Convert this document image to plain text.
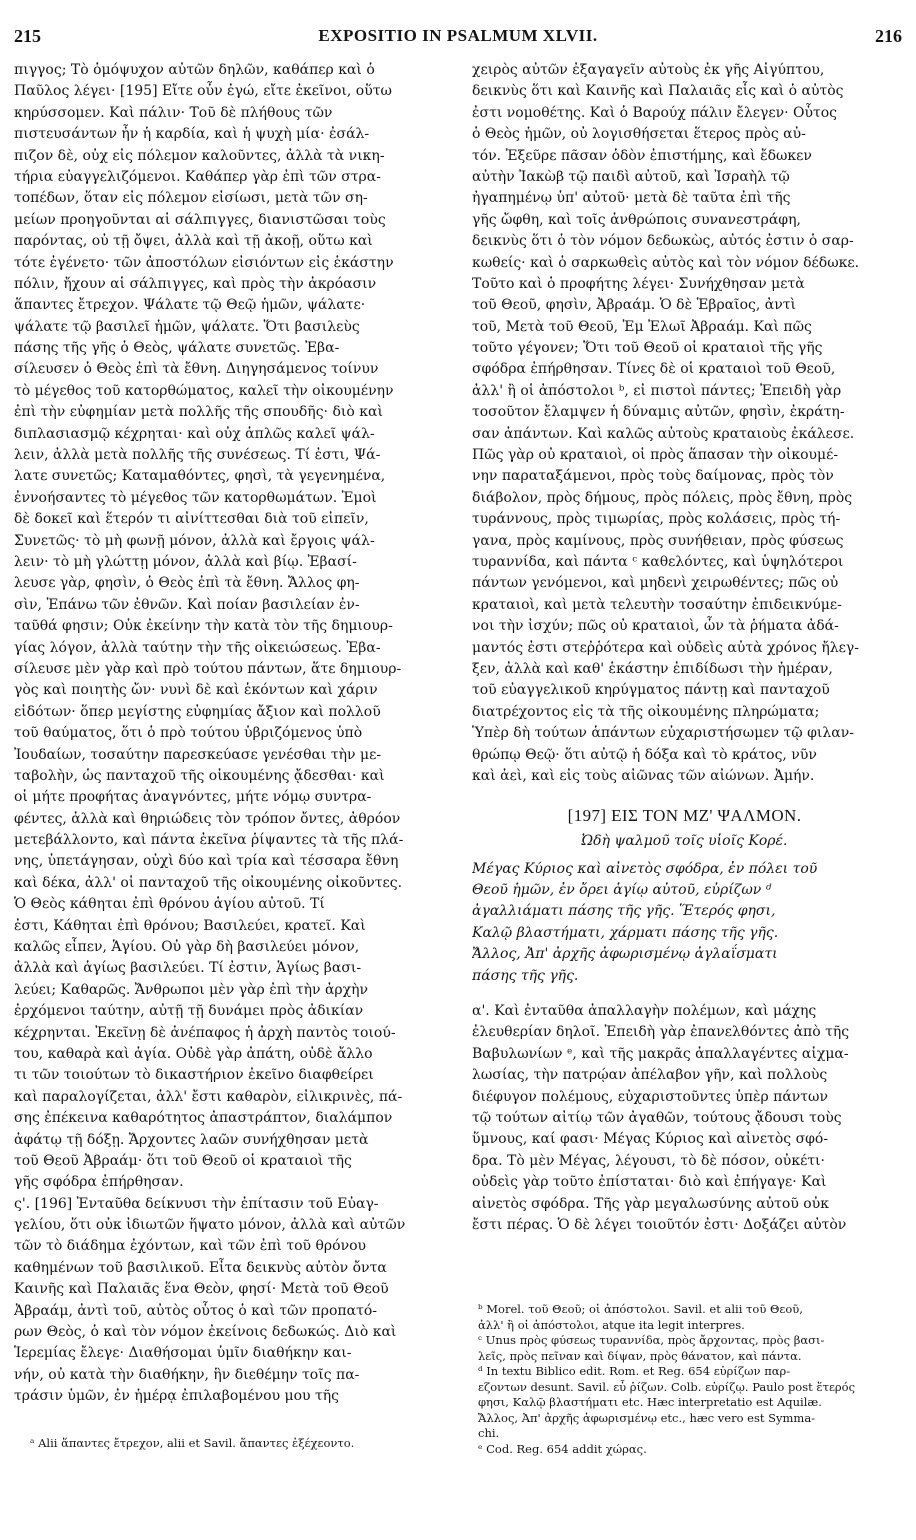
215	EXPOSITIO IN PSALMUM XLVII.	216
πιγγος; Τὸ ὁμόψυχον αὐτῶν δηλῶν, καθάπερ καὶ ὁ
Παῦλος λέγει· [195] Εἴτε οὖν ἐγώ, εἴτε ἐκεῖνοι, οὕτω
κηρύσσομεν. Καὶ πάλιν· Τοῦ δὲ πλήθους τῶν
πιστευσάντων ἦν ἡ καρδία, καὶ ἡ ψυχὴ μία· ἐσάλ-
πιζον δὲ, οὐχ εἰς πόλεμον καλοῦντες, ἀλλὰ τὰ νικη-
τήρια εὐαγγελιζόμενοι. Καθάπερ γὰρ ἐπὶ τῶν στρα-
τοπέδων, ὅταν εἰς πόλεμον εἰσίωσι, μετὰ τῶν ση-
μείων προηγοῦνται αἱ σάλπιγγες, διανιστῶσαι τοὺς
παρόντας, οὐ τῇ ὄψει, ἀλλὰ καὶ τῇ ἀκοῇ, οὕτω καὶ
τότε ἐγένετο· τῶν ἀποστόλων εἰσιόντων εἰς ἑκάστην
πόλιν, ἤχουν αἱ σάλπιγγες, καὶ πρὸς τὴν ἀκρόασιν
ἅπαντες ἔτρεχον. Ψάλατε τῷ Θεῷ ἡμῶν, ψάλατε·
ψάλατε τῷ βασιλεῖ ἡμῶν, ψάλατε. Ὅτι βασιλεὺς
πάσης τῆς γῆς ὁ Θεὸς, ψάλατε συνετῶς. Ἐβα-
σίλευσεν ὁ Θεὸς ἐπὶ τὰ ἔθνη. Διηγησάμενος τοίνυν
τὸ μέγεθος τοῦ κατορθώματος, καλεῖ τὴν οἰκουμένην
ἐπὶ τὴν εὐφημίαν μετὰ πολλῆς τῆς σπουδῆς· διὸ καὶ
διπλασιασμῷ κέχρηται· καὶ οὐχ ἁπλῶς καλεῖ ψάλ-
λειν, ἀλλὰ μετὰ πολλῆς τῆς συνέσεως. Τί ἐστι, Ψά-
λατε συνετῶς; Καταμαθόντες, φησὶ, τὰ γεγενημένα,
ἐννοήσαντες τὸ μέγεθος τῶν κατορθωμάτων. Ἐμοὶ
δὲ δοκεῖ καὶ ἕτερόν τι αἰνίττεσθαι διὰ τοῦ εἰπεῖν,
Συνετῶς· τὸ μὴ φωνῇ μόνον, ἀλλὰ καὶ ἔργοις ψάλ-
λειν· τὸ μὴ γλώττῃ μόνον, ἀλλὰ καὶ βίῳ. Ἐβασί-
λευσε γὰρ, φησὶν, ὁ Θεὸς ἐπὶ τὰ ἔθνη. Ἄλλος φη-
σὶν, Ἐπάνω τῶν ἐθνῶν. Καὶ ποίαν βασιλείαν ἐν-
ταῦθά φησιν; Οὐκ ἐκείνην τὴν κατὰ τὸν τῆς δημιουρ-
γίας λόγον, ἀλλὰ ταύτην τὴν τῆς οἰκειώσεως. Ἐβα-
σίλευσε μὲν γὰρ καὶ πρὸ τούτου πάντων, ἅτε δημιουρ-
γὸς καὶ ποιητὴς ὤν· νυνὶ δὲ καὶ ἑκόντων καὶ χάριν
εἰδότων· ὅπερ μεγίστης εὐφημίας ἄξιον καὶ πολλοῦ
τοῦ θαύματος, ὅτι ὁ πρὸ τούτου ὑβριζόμενος ὑπὸ
Ἰουδαίων, τοσαύτην παρεσκεύασε γενέσθαι τὴν με-
ταβολὴν, ὡς πανταχοῦ τῆς οἰκουμένης ᾄδεσθαι· καὶ
οἱ μήτε προφήτας ἀναγνόντες, μήτε νόμῳ συντρα-
φέντες, ἀλλὰ καὶ θηριώδεις τὸν τρόπον ὄντες, ἀθρόον
μετεβάλλοντο, καὶ πάντα ἐκεῖνα ῥίψαντες τὰ τῆς πλά-
νης, ὑπετάγησαν, οὐχὶ δύο καὶ τρία καὶ τέσσαρα ἔθνη
καὶ δέκα, ἀλλ' οἱ πανταχοῦ τῆς οἰκουμένης οἰκοῦντες.
Ὁ Θεὸς κάθηται ἐπὶ θρόνου ἁγίου αὐτοῦ. Τί
ἐστι, Κάθηται ἐπὶ θρόνου; Βασιλεύει, κρατεῖ. Καὶ
καλῶς εἶπεν, Ἁγίου. Οὐ γὰρ δὴ βασιλεύει μόνον,
ἀλλὰ καὶ ἁγίως βασιλεύει. Τί ἐστιν, Ἁγίως βασι-
λεύει; Καθαρῶς. Ἄνθρωποι μὲν γὰρ ἐπὶ τὴν ἀρχὴν
ἐρχόμενοι ταύτην, αὐτῇ τῇ δυνάμει πρὸς ἀδικίαν
κέχρηνται. Ἐκεῖνῃ δὲ ἀνέπαφος ἡ ἀρχὴ παντὸς τοιού-
του, καθαρὰ καὶ ἁγία. Οὐδὲ γὰρ ἀπάτη, οὐδὲ ἄλλο
τι τῶν τοιούτων τὸ δικαστήριον ἐκεῖνο διαφθείρει
καὶ παραλογίζεται, ἀλλ' ἔστι καθαρὸν, εἰλικρινὲς, πά-
σης ἐπέκεινα καθαρότητος ἀπαστράπτον, διαλάμπον
ἀφάτῳ τῇ δόξῃ. Ἄρχοντες λαῶν συνήχθησαν μετὰ
τοῦ Θεοῦ Ἀβραάμ· ὅτι τοῦ Θεοῦ οἱ κραταιοὶ τῆς
γῆς σφόδρα ἐπήρθησαν.
ς'. [196] Ἐνταῦθα δείκνυσι τὴν ἐπίτασιν τοῦ Εὐαγ-
γελίου, ὅτι οὐκ ἰδιωτῶν ἥψατο μόνον, ἀλλὰ καὶ αὐτῶν
τῶν τὸ διάδημα ἐχόντων, καὶ τῶν ἐπὶ τοῦ θρόνου
καθημένων τοῦ βασιλικοῦ. Εἶτα δεικνὺς αὐτὸν ὄντα
Καινῆς καὶ Παλαιᾶς ἕνα Θεὸν, φησί· Μετὰ τοῦ Θεοῦ
Ἀβραάμ, ἀντὶ τοῦ, αὐτὸς οὗτος ὁ καὶ τῶν προπατό-
ρων Θεὸς, ὁ καὶ τὸν νόμον ἐκείνοις δεδωκώς. Διὸ καὶ
Ἱερεμίας ἔλεγε· Διαθήσομαι ὑμῖν διαθήκην και-
νήν, οὐ κατὰ τὴν διαθήκην, ἣν διεθέμην τοῖς πα-
τράσιν ὑμῶν, ἐν ἡμέρᾳ ἐπιλαβομένου μου τῆς
χειρὸς αὐτῶν ἐξαγαγεῖν αὐτοὺς ἐκ γῆς Αἰγύπτου,
δεικνὺς ὅτι καὶ Καινῆς καὶ Παλαιᾶς εἷς καὶ ὁ αὐτὸς
ἐστι νομοθέτης. Καὶ ὁ Βαρούχ πάλιν ἔλεγεν· Οὗτος
ὁ Θεὸς ἡμῶν, οὐ λογισθήσεται ἕτερος πρὸς αὐ-
τόν. Ἐξεῦρε πᾶσαν ὁδὸν ἐπιστήμης, καὶ ἔδωκεν
αὐτὴν Ἰακὼβ τῷ παιδὶ αὐτοῦ, καὶ Ἰσραὴλ τῷ
ἠγαπημένῳ ὑπ' αὐτοῦ· μετὰ δὲ ταῦτα ἐπὶ τῆς
γῆς ὤφθη, καὶ τοῖς ἀνθρώποις συνανεστράφη,
δεικνὺς ὅτι ὁ τὸν νόμον δεδωκὼς, αὐτός ἐστιν ὁ σαρ-
κωθείς· καὶ ὁ σαρκωθεὶς αὐτὸς καὶ τὸν νόμον δέδωκε.
Τοῦτο καὶ ὁ προφήτης λέγει· Συνήχθησαν μετὰ
τοῦ Θεοῦ, φησὶν, Ἀβραάμ. Ὁ δὲ Ἑβραῖος, ἀντὶ
τοῦ, Μετὰ τοῦ Θεοῦ, Ἐμ Ἐλωῖ Ἀβραάμ. Καὶ πῶς
τοῦτο γέγονεν; Ὅτι τοῦ Θεοῦ οἱ κραταιοὶ τῆς γῆς
σφόδρα ἐπήρθησαν. Τίνες δὲ οἱ κραταιοὶ τοῦ Θεοῦ,
ἀλλ' ἢ οἱ ἀπόστολοι ᵇ, εἰ πιστοὶ πάντες; Ἐπειδὴ γὰρ
τοσοῦτον ἔλαμψεν ἡ δύναμις αὐτῶν, φησὶν, ἐκράτη-
σαν ἁπάντων. Καὶ καλῶς αὐτοὺς κραταιοὺς ἐκάλεσε.
Πῶς γὰρ οὐ κραταιοὶ, οἱ πρὸς ἅπασαν τὴν οἰκουμέ-
νην παραταξάμενοι, πρὸς τοὺς δαίμονας, πρὸς τὸν
διάβολον, πρὸς δήμους, πρὸς πόλεις, πρὸς ἔθνη, πρὸς
τυράννους, πρὸς τιμωρίας, πρὸς κολάσεις, πρὸς τή-
γανα, πρὸς καμίνους, πρὸς συνήθειαν, πρὸς φύσεως
τυραννίδα, καὶ πάντα ᶜ καθελόντες, καὶ ὑψηλότεροι
πάντων γενόμενοι, καὶ μηδενὶ χειρωθέντες; πῶς οὐ
κραταιοὶ, καὶ μετὰ τελευτὴν τοσαύτην ἐπιδεικνύμε-
νοι τὴν ἰσχύν; πῶς οὐ κραταιοὶ, ὧν τὰ ῥήματα ἀδά-
μαντός ἐστι στεῤῥότερα καὶ οὐδεὶς αὐτὰ χρόνος ἤλεγ-
ξεν, ἀλλὰ καὶ καθ' ἑκάστην ἐπιδίδωσι τὴν ἡμέραν,
τοῦ εὐαγγελικοῦ κηρύγματος πάντῃ καὶ πανταχοῦ
διατρέχοντος εἰς τὰ τῆς οἰκουμένης πληρώματα;
Ὑπὲρ δὴ τούτων ἁπάντων εὐχαριστήσωμεν τῷ φιλαν-
θρώπῳ Θεῷ· ὅτι αὐτῷ ἡ δόξα καὶ τὸ κράτος, νῦν
καὶ ἀεὶ, καὶ εἰς τοὺς αἰῶνας τῶν αἰώνων. Ἀμήν.
[197] ΕΙΣ ΤΟΝ ΜΖ' ΨΑΛΜΟΝ.
Ὠδὴ ψαλμοῦ τοῖς υἱοῖς Κορέ.
Μέγας Κύριος καὶ αἰνετὸς σφόδρα, ἐν πόλει τοῦ
Θεοῦ ἡμῶν, ἐν ὄρει ἁγίῳ αὐτοῦ, εὐρίζων ᵈ
ἀγαλλιάματι πάσης τῆς γῆς. Ἕτερός φησι,
Καλῷ βλαστήματι, χάρματι πάσης τῆς γῆς.
Ἄλλος, Ἀπ' ἀρχῆς ἀφωρισμένῳ ἀγλαΐσματι
πάσης τῆς γῆς.
α'. Καὶ ἐνταῦθα ἀπαλλαγὴν πολέμων, καὶ μάχης
ἐλευθερίαν δηλοῖ. Ἐπειδὴ γὰρ ἐπανελθόντες ἀπὸ τῆς
Βαβυλωνίων ᵉ, καὶ τῆς μακρᾶς ἀπαλλαγέντες αἰχμα-
λωσίας, τὴν πατρῴαν ἀπέλαβον γῆν, καὶ πολλοὺς
διέφυγον πολέμους, εὐχαριστοῦντες ὑπὲρ πάντων
τῷ τούτων αἰτίῳ τῶν ἀγαθῶν, τούτους ᾄδουσι τοὺς
ὕμνους, καί φασι· Μέγας Κύριος καὶ αἰνετὸς σφό-
δρα. Τὸ μὲν Μέγας, λέγουσι, τὸ δὲ πόσον, οὐκέτι·
οὐδεὶς γὰρ τοῦτο ἐπίσταται· διὸ καὶ ἐπήγαγε· Καὶ
αἰνετὸς σφόδρα. Τῆς γὰρ μεγαλωσύνης αὐτοῦ οὐκ
ἔστι πέρας. Ὁ δὲ λέγει τοιοῦτόν ἐστι· Δοξάζει αὐτὸν
ᵃ Alii ἅπαντες ἔτρεχον, alii et Savil. ἅπαντες ἐξέχεοντο.
ᵇ Morel. τοῦ Θεοῦ; οἱ ἀπόστολοι. Savil. et alii τοῦ Θεοῦ,
ἀλλ' ἢ οἱ ἀπόστολοι, atque ita legit interpres.
ᶜ Unus πρὸς φύσεως τυραννίδα, πρὸς ἄρχοντας, πρὸς βασι-
λεῖς, πρὸς πεῖναν καὶ δίψαν, πρὸς θάνατον, καὶ πάντα.
ᵈ In textu Biblico edit. Rom. et Reg. 654 εὐρίζων παρ-
εζοντων desunt. Savil. εὖ ῥίζων. Colb. εὐρίζῳ. Paulo post ἕτερός
φησι, Καλῷ βλαστήματι etc. Hæc interpretatio est Aquilæ.
Ἄλλος, Ἀπ' ἀρχῆς ἀφωρισμένῳ etc., hæc vero est Symma-
chi.
ᵉ Cod. Reg. 654 addit χώρας.
